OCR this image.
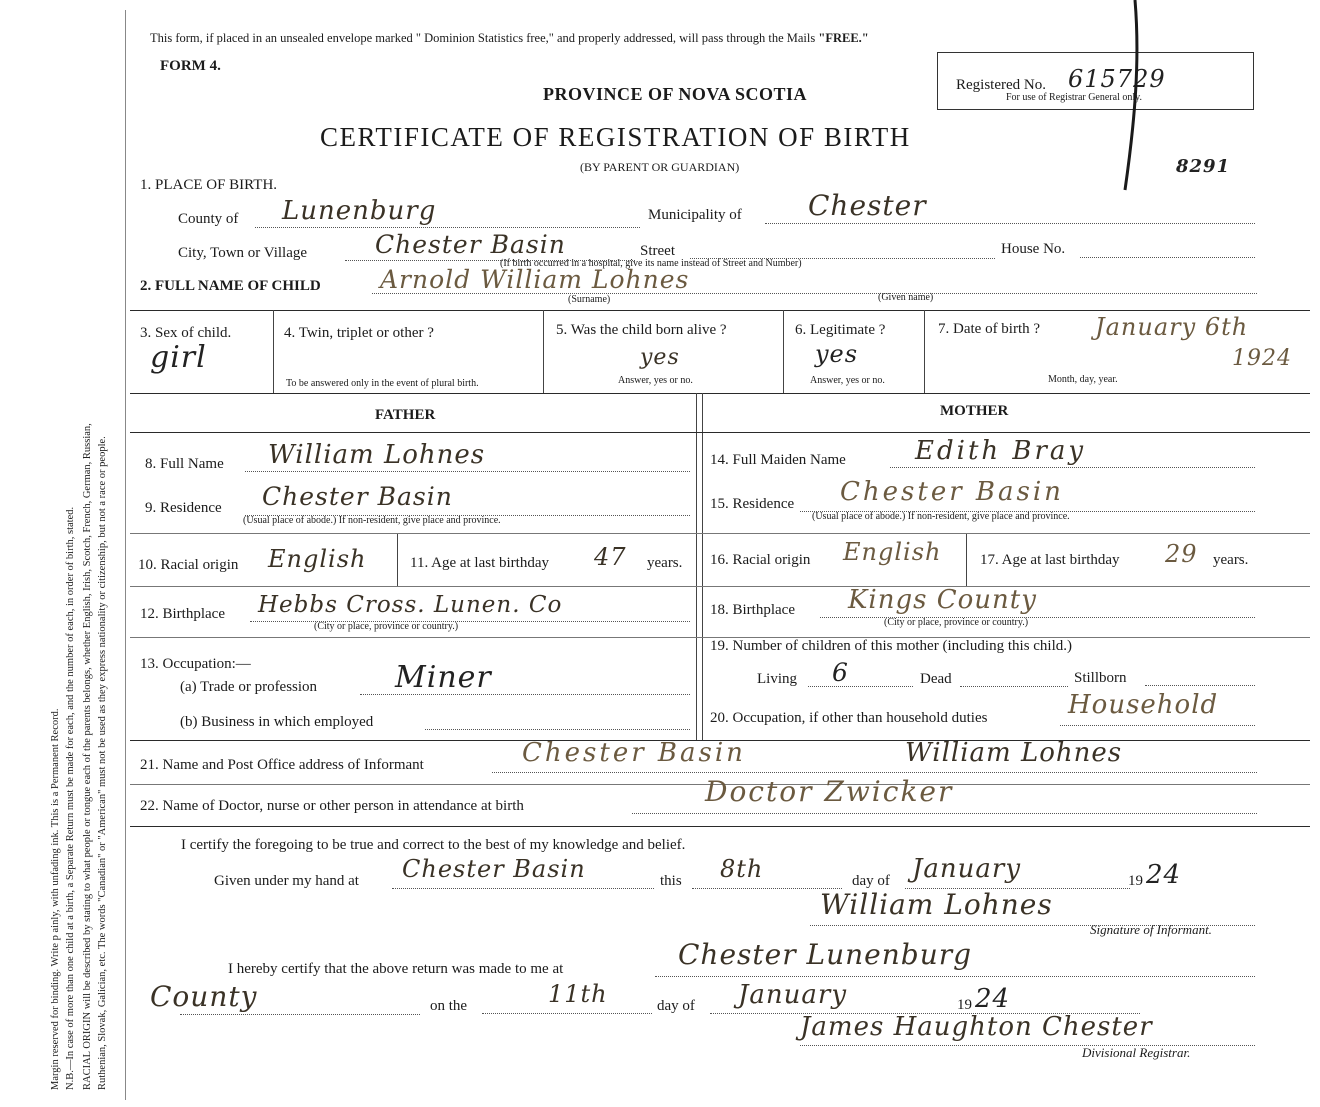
Margin reserved for binding. Write p ainly, with unfading ink. This is a Permanent Record. N.B.—In case of more than one child at a birth, a Separate Return must be made for each, and the number of each, in order of birth, stated. RACIAL ORIGIN will be described by stating to what people or tongue each of the parents belongs, whether English, Irish, Scotch, French, German, Russian, Ruthenian, Slovak, Galician, etc. The words "Canadian" or "American" must not be used as they express nationality or citizenship, but not a race or people.
This form, if placed in an unsealed envelope marked " Dominion Statistics free," and properly addressed, will pass through the Mails "FREE."
FORM 4.
PROVINCE OF NOVA SCOTIA
CERTIFICATE OF REGISTRATION OF BIRTH
(BY PARENT OR GUARDIAN)
Registered No. 615729
For use of Registrar General only.
8291
1. PLACE OF BIRTH.
County of Lunenburg	Municipality of Chester
City, Town or Village	Chester Basin	Street	House No.
(If birth occurred in a hospital, give its name instead of Street and Number)
2. FULL NAME OF CHILD Arnold William Lohnes
(Surname)	(Given name)
3. Sex of child.
girl
4. Twin, triplet or other ?
To be answered only in the event of plural birth.
5. Was the child born alive ?
yes
Answer, yes or no.
6. Legitimate ?
yes
Answer, yes or no.
7. Date of birth ? January 6th
1924
Month, day, year.
FATHER	MOTHER
8. Full Name William Lohnes
9. Residence Chester Basin
(Usual place of abode.) If non-resident, give place and province.
10. Racial origin English	11. Age at last birthday 47 years.
12. Birthplace Hebbs Cross. Lunen. Co
(City or place, province or country.)
13. Occupation:—
(a) Trade or profession	Miner
(b) Business in which employed
14. Full Maiden Name	Edith Bray
15. Residence Chester Basin
(Usual place of abode.) If non-resident, give place and province.
16. Racial origin English	17. Age at last birthday 29 years.
18. Birthplace Kings County
(City or place, province or country.)
19. Number of children of this mother (including this child.)
Living 6	Dead	Stillborn
20. Occupation, if other than household duties	Household
21. Name and Post Office address of Informant	Chester Basin	William Lohnes
22. Name of Doctor, nurse or other person in attendance at birth	Doctor Zwicker
I certify the foregoing to be true and correct to the best of my knowledge and belief.
Given under my hand at Chester Basin	this 8th	day of January	19 24
William Lohnes
Signature of Informant.
I hereby certify that the above return was made to me at	Chester Lunenburg
County	on the	11th	day of January	19 24
James Haughton Chester
Divisional Registrar.
